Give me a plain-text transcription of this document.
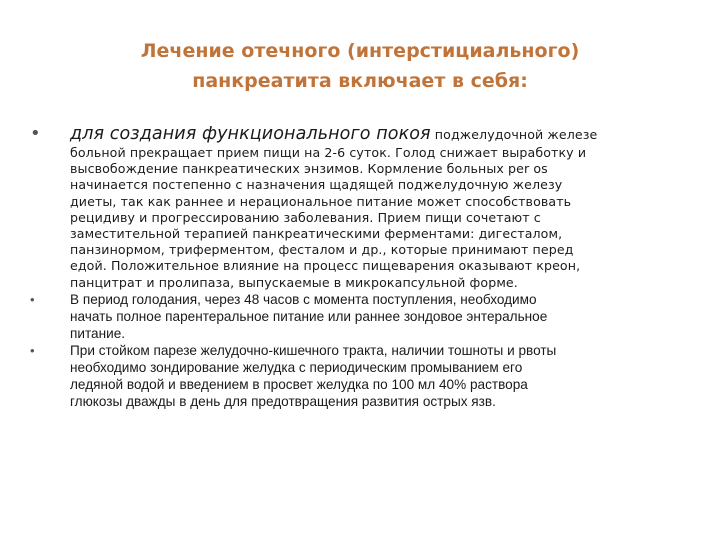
Лечение отечного (интерстициального)
панкреатита включает в себя:
• для создания функционального покоя поджелудочной железе
больной прекращает прием пищи на 2-6 суток. Голод снижает выработку и
высвобождение панкреатических энзимов. Кормление больных per os
начинается постепенно с назначения щадящей поджелудочную железу
диеты, так как раннее и нерациональное питание может способствовать
рецидиву и прогрессированию заболевания. Прием пищи сочетают с
заместительной терапией панкреатическими ферментами: дигесталом,
панзинормом, триферментом, фесталом и др., которые принимают перед
едой. Положительное влияние на процесс пищеварения оказывают креон,
панцитрат и пролипаза, выпускаемые в микрокапсульной форме.
•	В период голодания, через 48 часов с момента поступления, необходимо
начать полное парентеральное питание или раннее зондовое энтеральное
питание.
•	При стойком парезе желудочно-кишечного тракта, наличии тошноты и рвоты
необходимо зондирование желудка с периодическим промыванием его
ледяной водой и введением в просвет желудка по 100 мл 40% раствора
глюкозы дважды в день для предотвращения развития острых язв.
